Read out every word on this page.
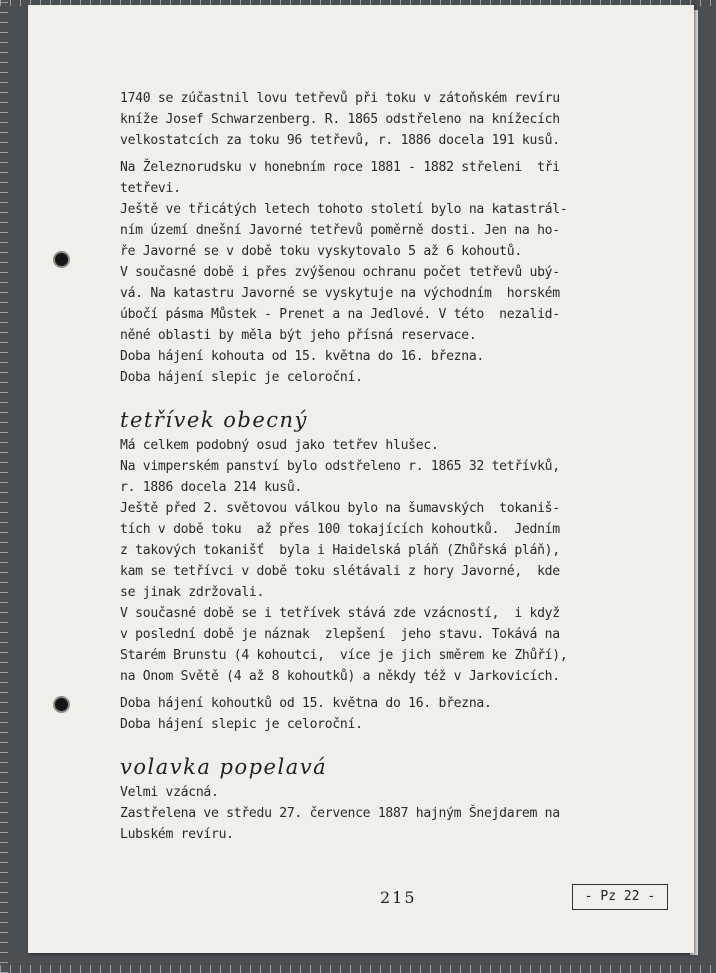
1740 se zúčastnil lovu tetřevů při toku v zátoňském revíru
kníže Josef Schwarzenberg. R. 1865 odstřeleno na knížecích
velkostatcích za toku 96 tetřevů, r. 1886 docela 191 kusů.
Na Železnorudsku v honebním roce 1881 - 1882 střeleni  tři
tetřevi.
Ještě ve třicátých letech tohoto století bylo na katastrál-
ním území dnešní Javorné tetřevů poměrně dosti. Jen na ho-
ře Javorné se v době toku vyskytovalo 5 až 6 kohoutů.
V současné době i přes zvýšenou ochranu počet tetřevů ubý-
vá. Na katastru Javorné se vyskytuje na východním  horském
úbočí pásma Můstek - Prenet a na Jedlové. V této  nezalid-
něné oblasti by měla být jeho přísná reservace.
Doba hájení kohouta od 15. května do 16. března.
Doba hájení slepic je celoroční.
tetřívek obecný
Má celkem podobný osud jako tetřev hlušec.
Na vimperském panství bylo odstřeleno r. 1865 32 tetřívků,
r. 1886 docela 214 kusů.
Ještě před 2. světovou válkou bylo na šumavských  tokaniš-
tích v době toku  až přes 100 tokajících kohoutků.  Jedním
z takových tokanišť  byla i Haidelská pláň (Zhůřská pláň),
kam se tetřívci v době toku slétávali z hory Javorné,  kde
se jinak zdržovali.
V současné době se i tetřívek stává zde vzácností,  i když
v poslední době je náznak  zlepšení  jeho stavu. Tokává na
Starém Brunstu (4 kohoutci,  více je jich směrem ke Zhůří),
na Onom Světě (4 až 8 kohoutků) a někdy též v Jarkovicích.
Doba hájení kohoutků od 15. května do 16. března.
Doba hájení slepic je celoroční.
volavka popelavá
Velmi vzácná.
Zastřelena ve středu 27. července 1887 hajným Šnejdarem na
Lubském revíru.
215	- Pz 22 -
